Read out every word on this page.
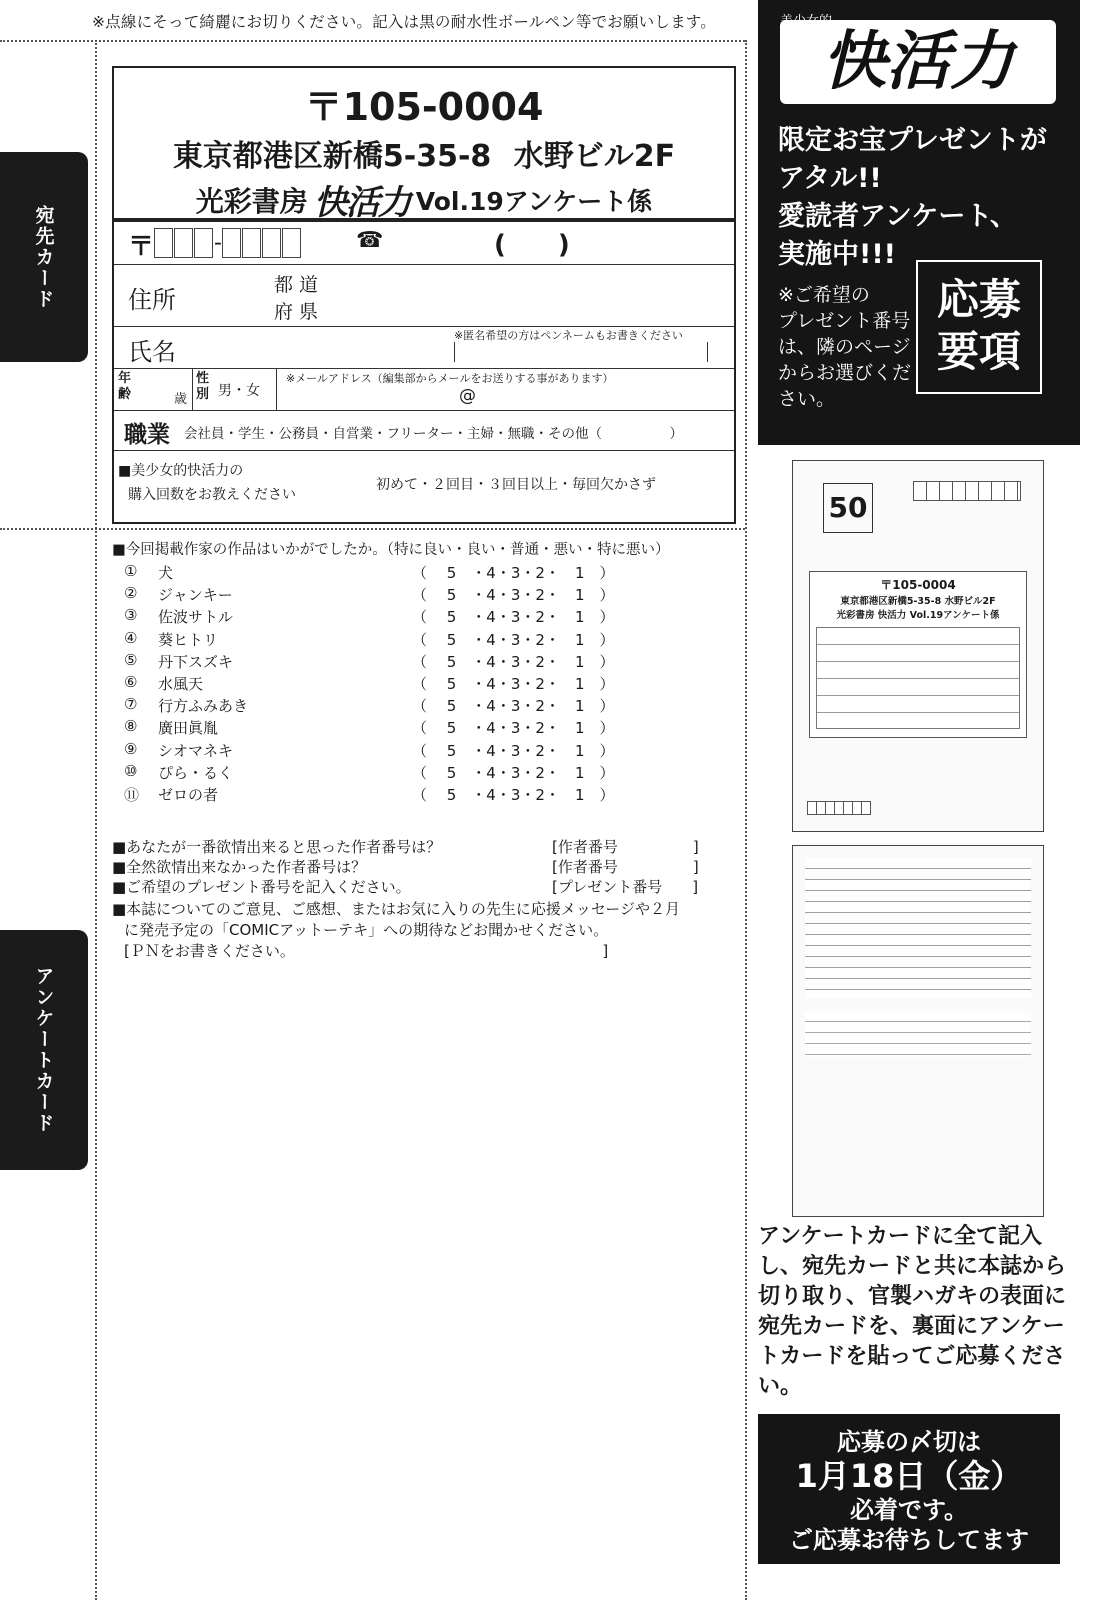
※点線にそって綺麗にお切りください。記入は黒の耐水性ボールペン等でお願いします。
宛先カード
アンケートカード
〒105-0004
東京都港区新橋5-35-8 水野ビル2F
光彩書房 快活力 Vol.19アンケート係
〒	-	☎	(　　)
住所
都 道
府 県
氏名
※匿名希望の方はペンネームもお書きください
年齢	歳
性別 男・女
※メールアドレス（編集部からメールをお送りする事があります）
@
職業 会社員・学生・公務員・自営業・フリーター・主婦・無職・その他（　　　　　）
■美少女的快活力の
購入回数をお教えください
初めて・２回目・３回目以上・毎回欠かさず
■今回掲載作家の作品はいかがでしたか。（特に良い・良い・普通・悪い・特に悪い）
① 犬	（　 5　・4・3・2・　1　）
② ジャンキー	（　 5　・4・3・2・　1　）
③ 佐波サトル	（　 5　・4・3・2・　1　）
④ 葵ヒトリ	（　 5　・4・3・2・　1　）
⑤ 丹下スズキ	（　 5　・4・3・2・　1　）
⑥ 水風天	（　 5　・4・3・2・　1　）
⑦ 行方ふみあき	（　 5　・4・3・2・　1　）
⑧ 廣田眞胤	（　 5　・4・3・2・　1　）
⑨ シオマネキ	（　 5　・4・3・2・　1　）
⑩ ぴら・るく	（　 5　・4・3・2・　1　）
⑪ ゼロの者	（　 5　・4・3・2・　1　）
■あなたが一番欲情出来ると思った作者番号は？	[作者番号　　　　　]
■全然欲情出来なかった作者番号は？	[作者番号　　　　　]
■ご希望のプレゼント番号を記入ください。	[プレゼント番号　　]
■本誌についてのご意見、ご感想、またはお気に入りの先生に応援メッセージや２月
に発売予定の「COMICアットーテキ」への期待などお聞かせください。
[ＰＮをお書きください。　　　　　　　　　　　　　　　　　　　　　]
快活力
限定お宝プレゼントが
アタル!!
愛読者アンケート、
実施中!!!
※ご希望の
プレゼント番号
は、隣のページ
からお選びくだ
さい。
応募
要項
50
〒105-0004
東京都港区新橋5-35-8 水野ビル2F
光彩書房 快活力 Vol.19アンケート係
アンケートカードに全て記入し、宛先カードと共に本誌から切り取り、官製ハガキの表面に宛先カードを、裏面にアンケートカードを貼ってご応募ください。
応募の〆切は
1月18日（金）
必着です。
ご応募お待ちしてます
